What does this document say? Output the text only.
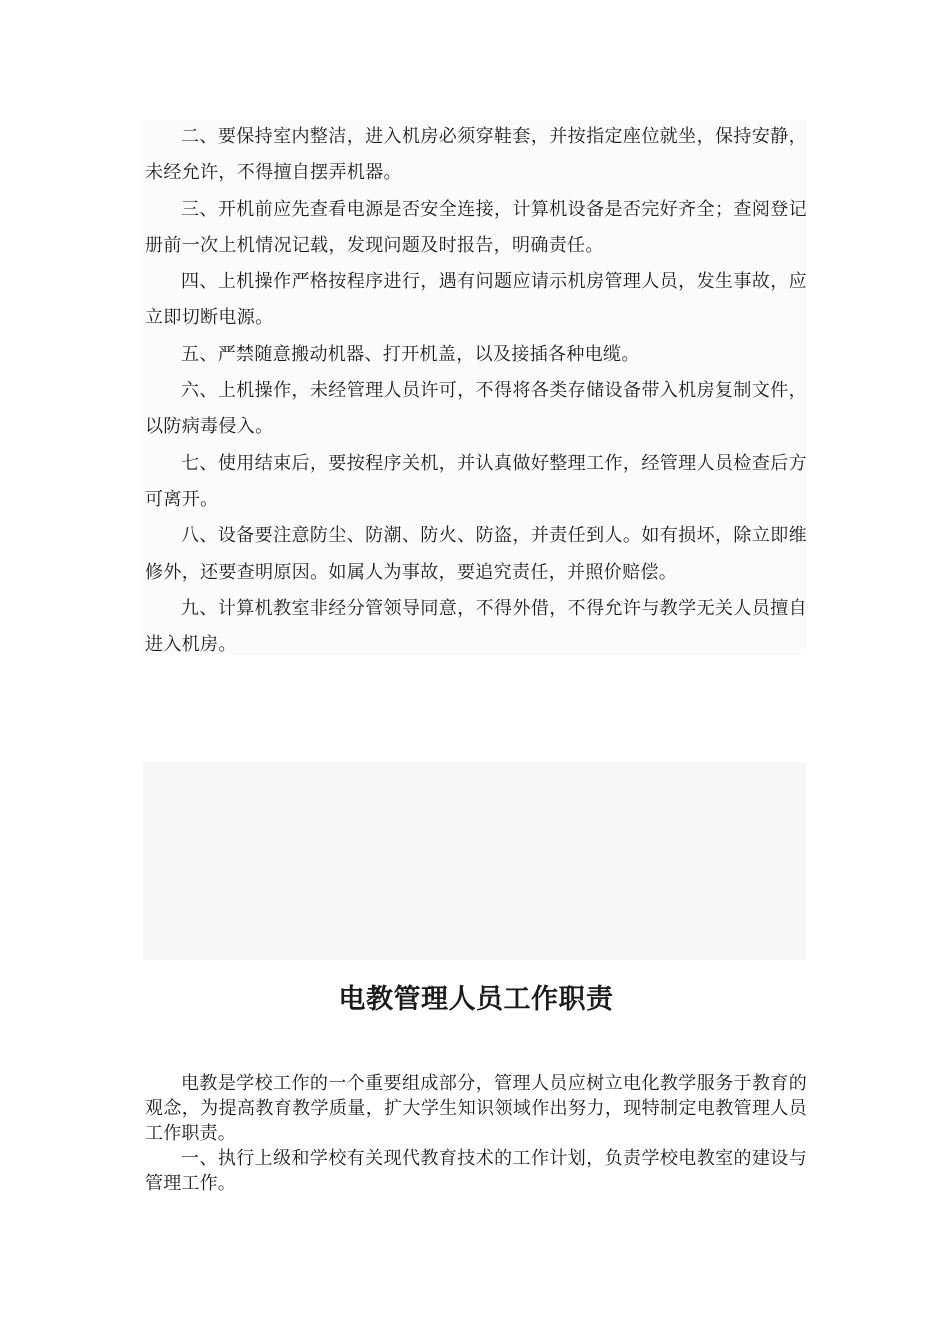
二、要保持室内整洁，进入机房必须穿鞋套，并按指定座位就坐，保持安静，未经允许，不得擅自摆弄机器。

三、开机前应先查看电源是否安全连接，计算机设备是否完好齐全；查阅登记册前一次上机情况记载，发现问题及时报告，明确责任。

四、上机操作严格按程序进行，遇有问题应请示机房管理人员，发生事故，应立即切断电源。

五、严禁随意搬动机器、打开机盖，以及接插各种电缆。

六、上机操作，未经管理人员许可，不得将各类存储设备带入机房复制文件，以防病毒侵入。

七、使用结束后，要按程序关机，并认真做好整理工作，经管理人员检查后方可离开。

八、设备要注意防尘、防潮、防火、防盗，并责任到人。如有损坏，除立即维修外，还要查明原因。如属人为事故，要追究责任，并照价赔偿。

九、计算机教室非经分管领导同意，不得外借，不得允许与教学无关人员擅自进入机房。

电教管理人员工作职责

电教是学校工作的一个重要组成部分，管理人员应树立电化教学服务于教育的观念，为提高教育教学质量，扩大学生知识领域作出努力，现特制定电教管理人员工作职责。

一、执行上级和学校有关现代教育技术的工作计划，负责学校电教室的建设与管理工作。
